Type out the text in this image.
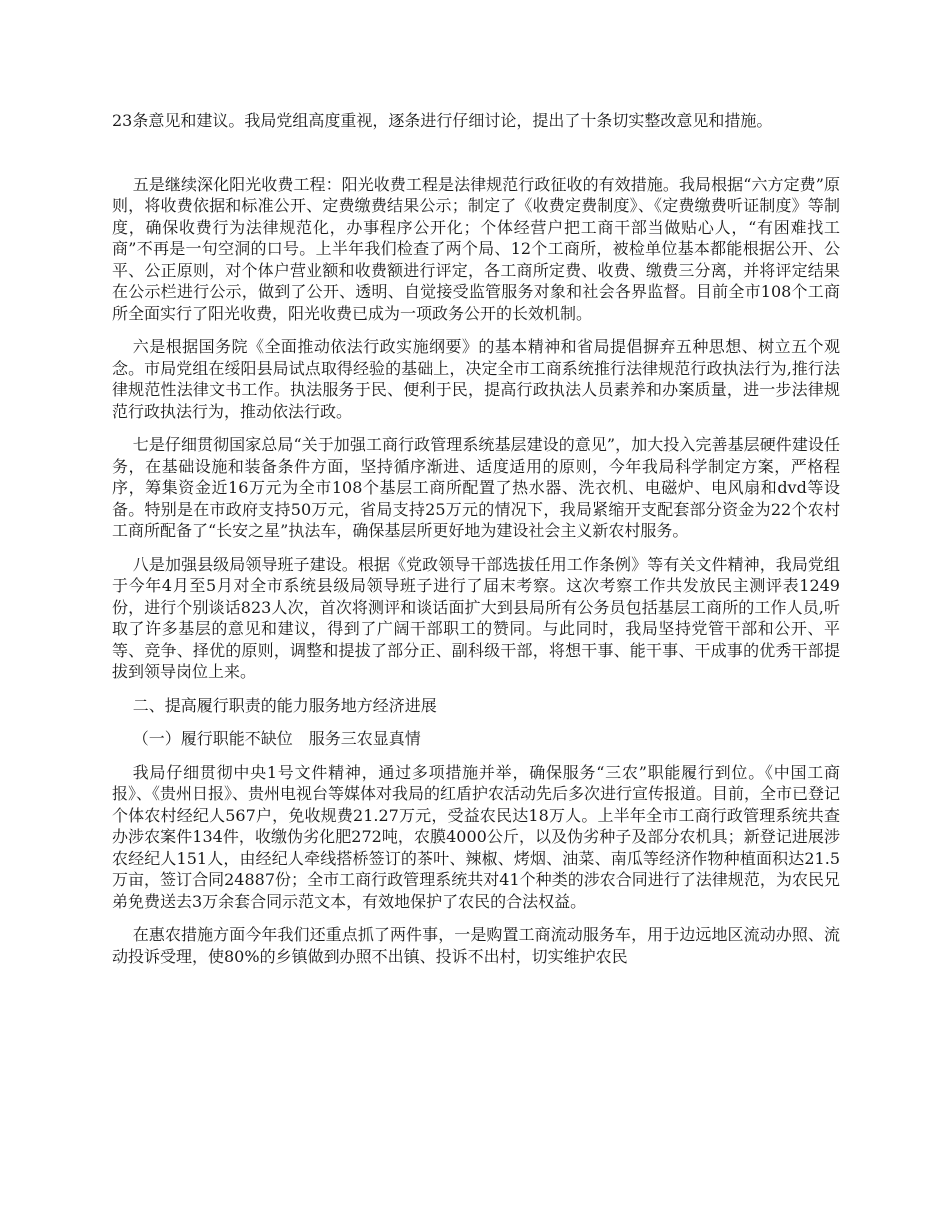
23条意见和建议。我局党组高度重视，逐条进行仔细讨论，提出了十条切实整改意见和措施。

五是继续深化阳光收费工程：阳光收费工程是法律规范行政征收的有效措施。我局根据“六方定费”原则，将收费依据和标准公开、定费缴费结果公示；制定了《收费定费制度》、《定费缴费听证制度》等制度，确保收费行为法律规范化，办事程序公开化；个体经营户把工商干部当做贴心人，“有困难找工商”不再是一句空洞的口号。上半年我们检查了两个局、12个工商所，被检单位基本都能根据公开、公平、公正原则，对个体户营业额和收费额进行评定，各工商所定费、收费、缴费三分离，并将评定结果在公示栏进行公示，做到了公开、透明、自觉接受监管服务对象和社会各界监督。目前全市108个工商所全面实行了阳光收费，阳光收费已成为一项政务公开的长效机制。

六是根据国务院《全面推动依法行政实施纲要》的基本精神和省局提倡摒弃五种思想、树立五个观念。市局党组在绥阳县局试点取得经验的基础上，决定全市工商系统推行法律规范行政执法行为,推行法律规范性法律文书工作。执法服务于民、便利于民，提高行政执法人员素养和办案质量，进一步法律规范行政执法行为，推动依法行政。

七是仔细贯彻国家总局“关于加强工商行政管理系统基层建设的意见”，加大投入完善基层硬件建设任务，在基础设施和装备条件方面，坚持循序渐进、适度适用的原则，今年我局科学制定方案，严格程序，筹集资金近16万元为全市108个基层工商所配置了热水器、洗衣机、电磁炉、电风扇和dvd等设备。特别是在市政府支持50万元，省局支持25万元的情况下，我局紧缩开支配套部分资金为22个农村工商所配备了“长安之星”执法车，确保基层所更好地为建设社会主义新农村服务。

八是加强县级局领导班子建设。根据《党政领导干部选拔任用工作条例》等有关文件精神，我局党组于今年4月至5月对全市系统县级局领导班子进行了届末考察。这次考察工作共发放民主测评表1249份，进行个别谈话823人次，首次将测评和谈话面扩大到县局所有公务员包括基层工商所的工作人员,听取了许多基层的意见和建议，得到了广阔干部职工的赞同。与此同时，我局坚持党管干部和公开、平等、竞争、择优的原则，调整和提拔了部分正、副科级干部，将想干事、能干事、干成事的优秀干部提拔到领导岗位上来。

二、提高履行职责的能力服务地方经济进展

（一）履行职能不缺位　服务三农显真情

我局仔细贯彻中央1号文件精神，通过多项措施并举，确保服务“三农”职能履行到位。《中国工商报》、《贵州日报》、贵州电视台等媒体对我局的红盾护农活动先后多次进行宣传报道。目前，全市已登记个体农村经纪人567户，免收规费21.27万元，受益农民达18万人。上半年全市工商行政管理系统共查办涉农案件134件，收缴伪劣化肥272吨，农膜4000公斤，以及伪劣种子及部分农机具；新登记进展涉农经纪人151人，由经纪人牵线搭桥签订的茶叶、辣椒、烤烟、油菜、南瓜等经济作物种植面积达21.5万亩，签订合同24887份；全市工商行政管理系统共对41个种类的涉农合同进行了法律规范，为农民兄弟免费送去3万余套合同示范文本，有效地保护了农民的合法权益。

在惠农措施方面今年我们还重点抓了两件事，一是购置工商流动服务车，用于边远地区流动办照、流动投诉受理，使80%的乡镇做到办照不出镇、投诉不出村，切实维护农民
